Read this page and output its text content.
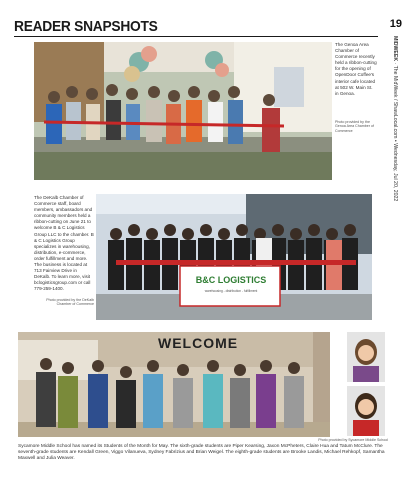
READER SNAPSHOTS	19
MIDWEEK · The MidWeek / ShawLocal.com • Wednesday, Jul 20, 2022
The Genoa Area Chamber of Commerce recently held a ribbon-cutting for the opening of OpenDoor Coffee's interior cafe located at 502 W. Main St. in Genoa.
Photo provided by the Genoa Area Chamber of Commerce
The DeKalb Chamber of Commerce staff, board members, ambassadors and community members held a ribbon-cutting on June 21 to welcome B & C Logistics Group LLC to the chamber. B & C Logistics Group specializes in warehousing, distribution, e-commerce, order fulfillment and more. The business is located at 713 Fairview Drive in DeKalb. To learn more, visit bclogisticsgroup.com or call 779-259-1400.
Photo provided by the DeKalb Chamber of Commerce
B&C LOGISTICS
warehousing - distribution - fulfillment
WELCOME
Photo provided by Sycamore Middle School
Sycamore Middle School has named its Students of the Month for May. The sixth-grade students are Piper Kearsing, Jaxon McPheters, Claire Hua and Tatum McClure. The seventh-grade students are Kendall Green, Viggo Vilanueva, Sydney Fabrizius and Brian Weigel. The eighth-grade students are Brooke Landis, Michael Rehkopf, Samantha Maxwell and Julia Weaver.
